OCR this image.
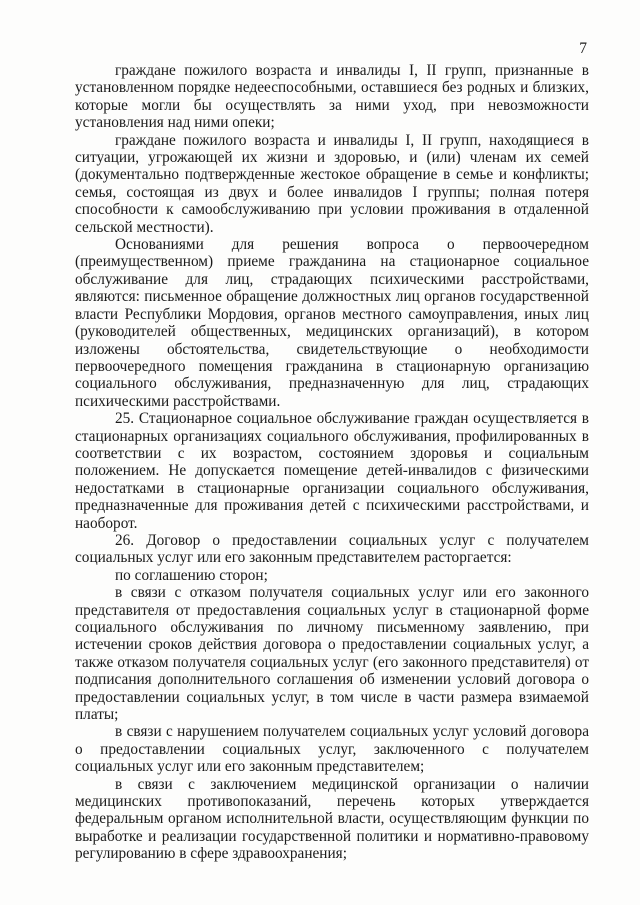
7

граждане пожилого возраста и инвалиды I, II групп, признанные в установленном порядке недееспособными, оставшиеся без родных и близких, которые могли бы осуществлять за ними уход, при невозможности установления над ними опеки;

граждане пожилого возраста и инвалиды I, II групп, находящиеся в ситуации, угрожающей их жизни и здоровью, и (или) членам их семей (документально подтвержденные жестокое обращение в семье и конфликты; семья, состоящая из двух и более инвалидов I группы; полная потеря способности к самообслуживанию при условии проживания в отдаленной сельской местности).

Основаниями для решения вопроса о первоочередном (преимущественном) приеме гражданина на стационарное социальное обслуживание для лиц, страдающих психическими расстройствами, являются: письменное обращение должностных лиц органов государственной власти Республики Мордовия, органов местного самоуправления, иных лиц (руководителей общественных, медицинских организаций), в котором изложены обстоятельства, свидетельствующие о необходимости первоочередного помещения гражданина в стационарную организацию социального обслуживания, предназначенную для лиц, страдающих психическими расстройствами.

25. Стационарное социальное обслуживание граждан осуществляется в стационарных организациях социального обслуживания, профилированных в соответствии с их возрастом, состоянием здоровья и социальным положением. Не допускается помещение детей-инвалидов с физическими недостатками в стационарные организации социального обслуживания, предназначенные для проживания детей с психическими расстройствами, и наоборот.

26. Договор о предоставлении социальных услуг с получателем социальных услуг или его законным представителем расторгается:

по соглашению сторон;

в связи с отказом получателя социальных услуг или его законного представителя от предоставления социальных услуг в стационарной форме социального обслуживания по личному письменному заявлению, при истечении сроков действия договора о предоставлении социальных услуг, а также отказом получателя социальных услуг (его законного представителя) от подписания дополнительного соглашения об изменении условий договора о предоставлении социальных услуг, в том числе в части размера взимаемой платы;

в связи с нарушением получателем социальных услуг условий договора о предоставлении социальных услуг, заключенного с получателем социальных услуг или его законным представителем;

в связи с заключением медицинской организации о наличии медицинских противопоказаний, перечень которых утверждается федеральным органом исполнительной власти, осуществляющим функции по выработке и реализации государственной политики и нормативно-правовому регулированию в сфере здравоохранения;
